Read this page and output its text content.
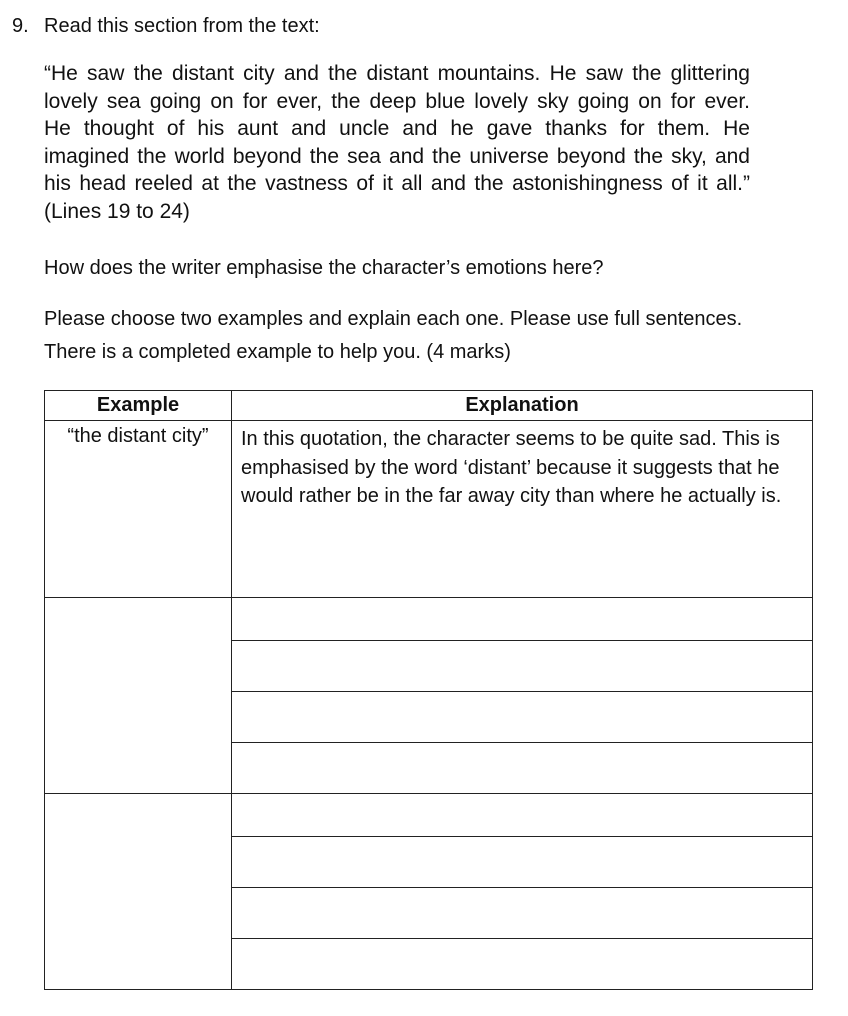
9. Read this section from the text:
“He saw the distant city and the distant mountains. He saw the glittering
lovely sea going on for ever, the deep blue lovely sky going on for ever.
He thought of his aunt and uncle and he gave thanks for them. He
imagined the world beyond the sea and the universe beyond the sky, and
his head reeled at the vastness of it all and the astonishingness of it all.”
(Lines 19 to 24)
How does the writer emphasise the character’s emotions here?
Please choose two examples and explain each one. Please use full sentences. There is a completed example to help you. (4 marks)
Example	Explanation
“the distant city”	In this quotation, the character seems to be quite sad. This is emphasised by the word ‘distant’ because it suggests that he would rather be in the far away city than where he actually is.
